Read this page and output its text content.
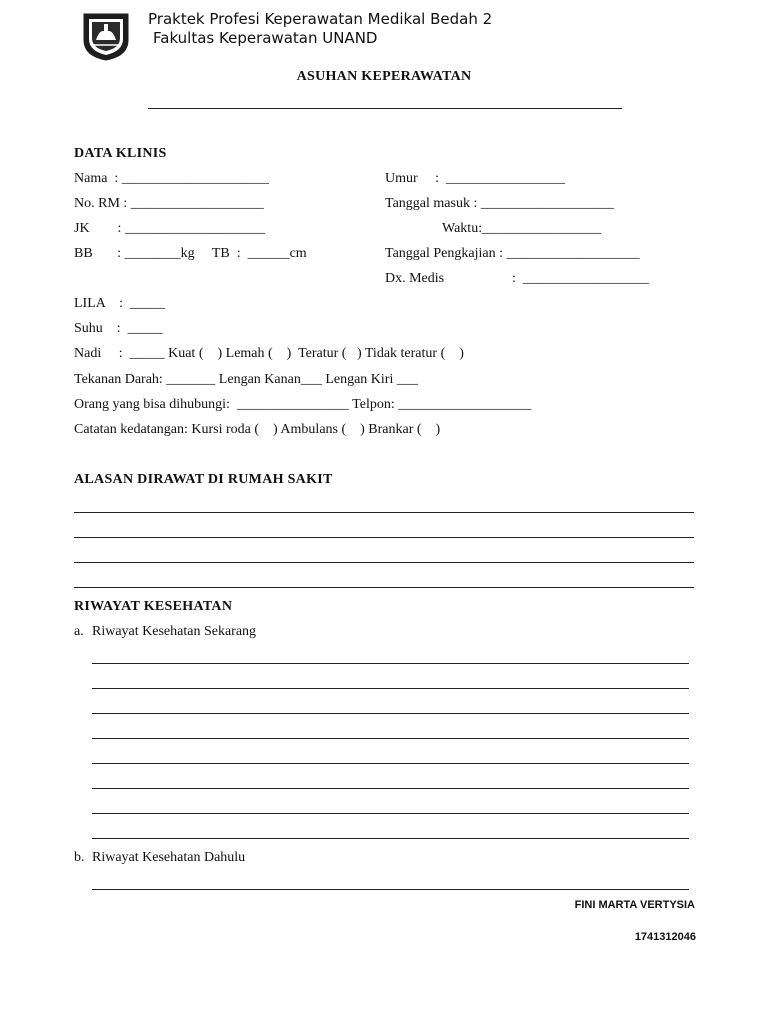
Praktek Profesi Keperawatan Medikal Bedah 2
Fakultas Keperawatan UNAND
ASUHAN KEPERAWATAN
DATA KLINIS
Nama  : _____________________	Umur     :  _________________
No. RM : ___________________	Tanggal masuk : ___________________
JK        : ____________________	Waktu:_________________
BB       : ________kg     TB  :  ______cm	Tanggal Pengkajian : ___________________
Dx. Medis	:  __________________
LILA    :  _____
Suhu    :  _____
Nadi     :  _____ Kuat (    ) Lemah (    )  Teratur (   ) Tidak teratur (    )
Tekanan Darah: _______ Lengan Kanan___ Lengan Kiri ___
Orang yang bisa dihubungi:  ________________ Telpon: ___________________
Catatan kedatangan: Kursi roda (    ) Ambulans (    ) Brankar (    )
ALASAN DIRAWAT DI RUMAH SAKIT
RIWAYAT KESEHATAN
a. Riwayat Kesehatan Sekarang
b. Riwayat Kesehatan Dahulu
FINI MARTA VERTYSIA
1741312046
